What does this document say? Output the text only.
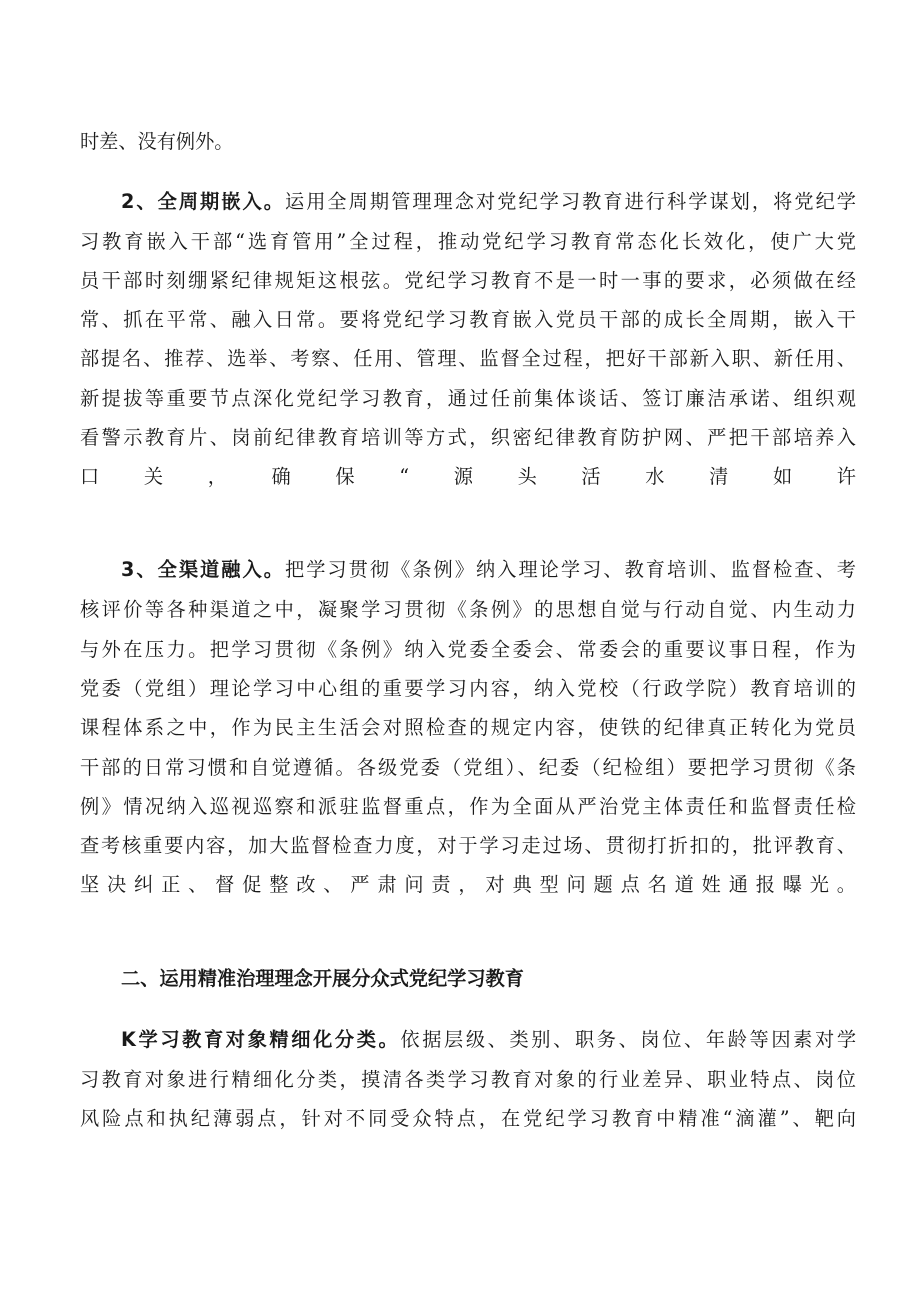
时差、没有例外。
2、全周期嵌入。运用全周期管理理念对党纪学习教育进行科学谋划，将党纪学
习教育嵌入干部“选育管用”全过程，推动党纪学习教育常态化长效化，使广大党
员干部时刻绷紧纪律规矩这根弦。党纪学习教育不是一时一事的要求，必须做在经
常、抓在平常、融入日常。要将党纪学习教育嵌入党员干部的成长全周期，嵌入干
部提名、推荐、选举、考察、任用、管理、监督全过程，把好干部新入职、新任用、
新提拔等重要节点深化党纪学习教育，通过任前集体谈话、签订廉洁承诺、组织观
看警示教育片、岗前纪律教育培训等方式，织密纪律教育防护网、严把干部培养入
口关，确保“源头活水清如许
3、全渠道融入。把学习贯彻《条例》纳入理论学习、教育培训、监督检查、考
核评价等各种渠道之中，凝聚学习贯彻《条例》的思想自觉与行动自觉、内生动力
与外在压力。把学习贯彻《条例》纳入党委全委会、常委会的重要议事日程，作为
党委（党组）理论学习中心组的重要学习内容，纳入党校（行政学院）教育培训的
课程体系之中，作为民主生活会对照检查的规定内容，使铁的纪律真正转化为党员
干部的日常习惯和自觉遵循。各级党委（党组）、纪委（纪检组）要把学习贯彻《条
例》情况纳入巡视巡察和派驻监督重点，作为全面从严治党主体责任和监督责任检
查考核重要内容，加大监督检查力度，对于学习走过场、贯彻打折扣的，批评教育、
坚决纠正、督促整改、严肃问责，对典型问题点名道姓通报曝光。
二、运用精准治理理念开展分众式党纪学习教育
K学习教育对象精细化分类。依据层级、类别、职务、岗位、年龄等因素对学
习教育对象进行精细化分类，摸清各类学习教育对象的行业差异、职业特点、岗位
风险点和执纪薄弱点，针对不同受众特点，在党纪学习教育中精准“滴灌”、靶向
